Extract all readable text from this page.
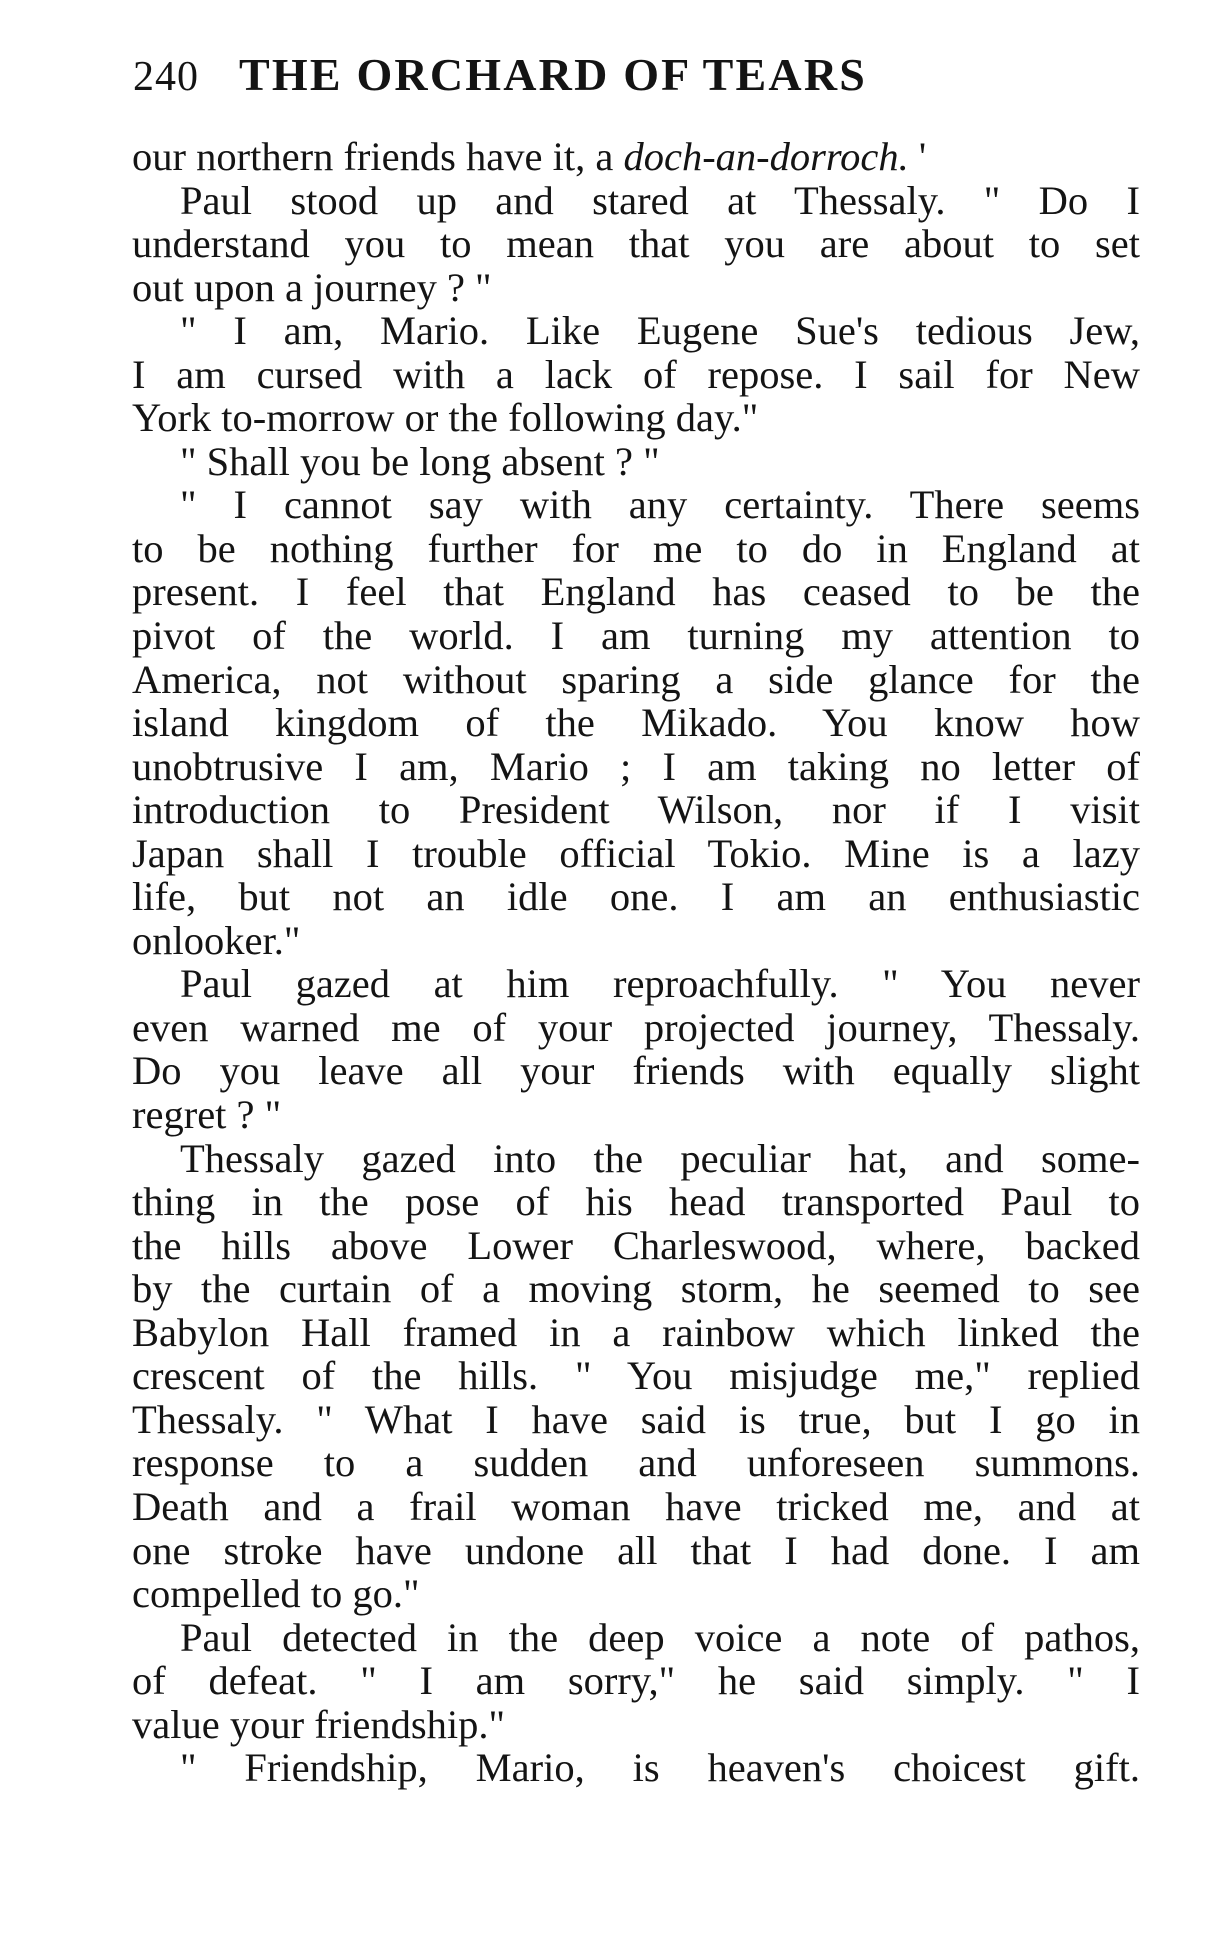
240 THE ORCHARD OF TEARS
our northern friends have it, a doch-an-dorroch. '
Paul stood up and stared at Thessaly. " Do I
understand you to mean that you are about to set
out upon a journey ? "
" I am, Mario. Like Eugene Sue's tedious Jew,
I am cursed with a lack of repose. I sail for New
York to-morrow or the following day."
" Shall you be long absent ? "
" I cannot say with any certainty. There seems
to be nothing further for me to do in England at
present. I feel that England has ceased to be the
pivot of the world. I am turning my attention to
America, not without sparing a side glance for the
island kingdom of the Mikado. You know how
unobtrusive I am, Mario ; I am taking no letter of
introduction to President Wilson, nor if I visit
Japan shall I trouble official Tokio. Mine is a lazy
life, but not an idle one. I am an enthusiastic
onlooker."
Paul gazed at him reproachfully. " You never
even warned me of your projected journey, Thessaly.
Do you leave all your friends with equally slight
regret ? "
Thessaly gazed into the peculiar hat, and some-
thing in the pose of his head transported Paul to
the hills above Lower Charleswood, where, backed
by the curtain of a moving storm, he seemed to see
Babylon Hall framed in a rainbow which linked the
crescent of the hills. " You misjudge me," replied
Thessaly. " What I have said is true, but I go in
response to a sudden and unforeseen summons.
Death and a frail woman have tricked me, and at
one stroke have undone all that I had done. I am
compelled to go."
Paul detected in the deep voice a note of pathos,
of defeat. " I am sorry," he said simply. " I
value your friendship."
" Friendship, Mario, is heaven's choicest gift.
